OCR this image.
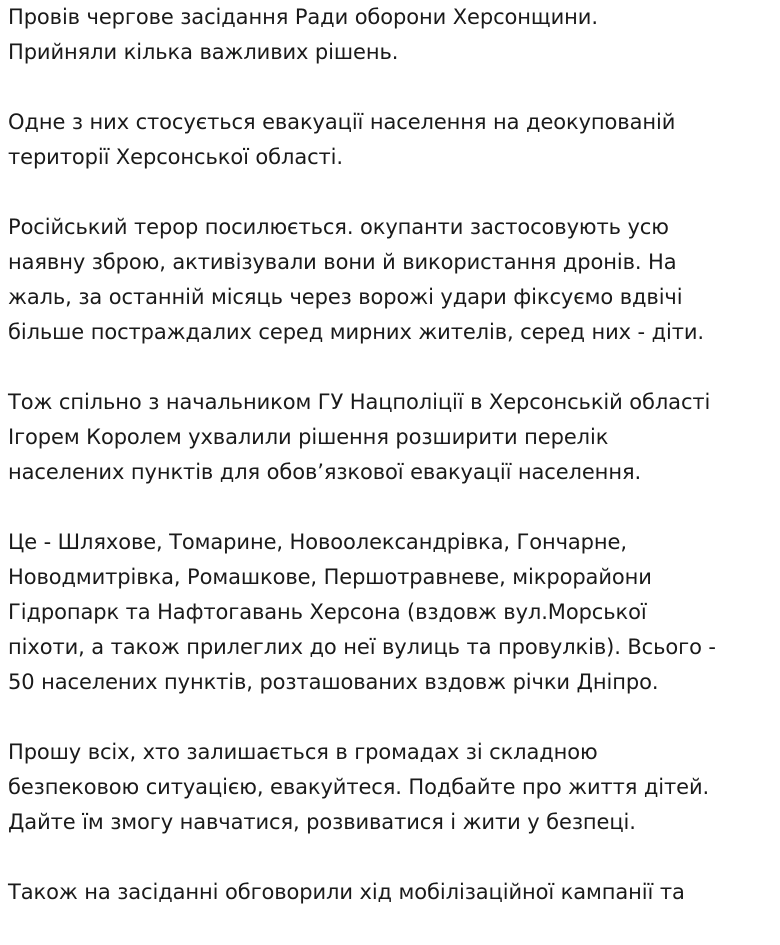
Провів чергове засідання Ради оборони Херсонщини.
Прийняли кілька важливих рішень.

Одне з них стосується евакуації населення на деокупованій
території Херсонської області.

Російський терор посилюється. окупанти застосовують усю
наявну зброю, активізували вони й використання дронів. На
жаль, за останній місяць через ворожі удари фіксуємо вдвічі
більше постраждалих серед мирних жителів, серед них - діти.

Тож спільно з начальником ГУ Нацполіції в Херсонській області
Ігорем Королем ухвалили рішення розширити перелік
населених пунктів для обов’язкової евакуації населення.

Це - Шляхове, Томарине, Новоолександрівка, Гончарне,
Новодмитрівка, Ромашкове, Першотравневе, мікрорайони
Гідропарк та Нафтогавань Херсона (вздовж вул.Морської
піхоти, а також прилеглих до неї вулиць та провулків). Всього -
50 населених пунктів, розташованих вздовж річки Дніпро.

Прошу всіх, хто залишається в громадах зі складною
безпековою ситуацією, евакуйтеся. Подбайте про життя дітей.
Дайте їм змогу навчатися, розвиватися і жити у безпеці.

Також на засіданні обговорили хід мобілізаційної кампанії та
